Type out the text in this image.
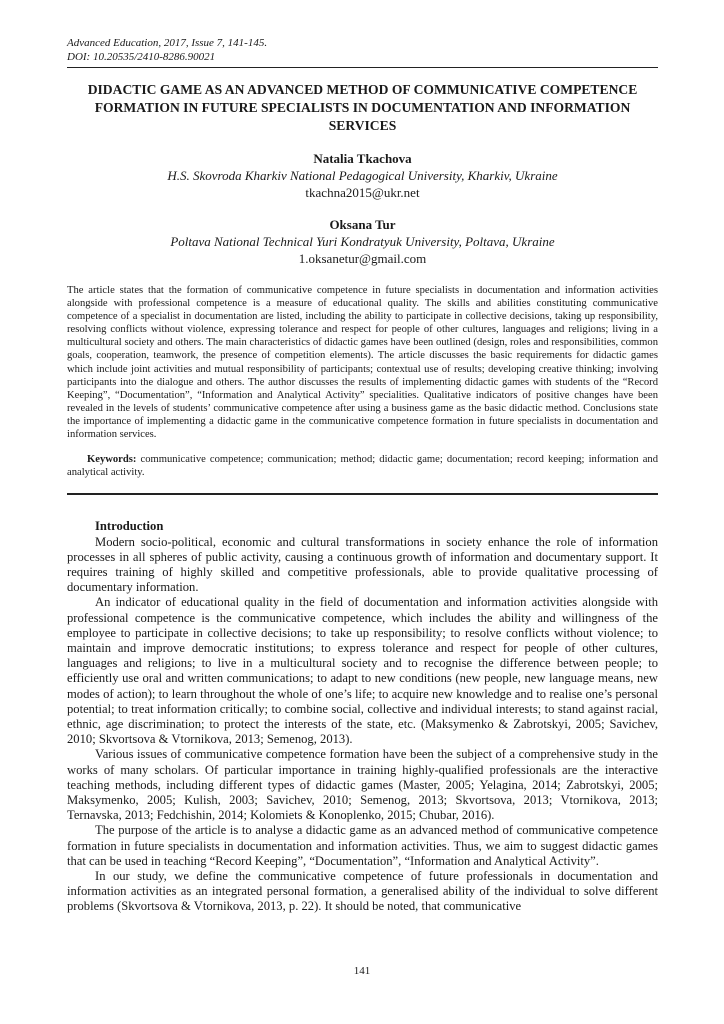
Advanced Education, 2017, Issue 7, 141-145.
DOI: 10.20535/2410-8286.90021
DIDACTIC GAME AS AN ADVANCED METHOD OF COMMUNICATIVE COMPETENCE FORMATION IN FUTURE SPECIALISTS IN DOCUMENTATION AND INFORMATION SERVICES
Natalia Tkachova
H.S. Skovroda Kharkiv National Pedagogical University, Kharkiv, Ukraine
tkachna2015@ukr.net
Oksana Tur
Poltava National Technical Yuri Kondratyuk University, Poltava, Ukraine
1.oksanetur@gmail.com
The article states that the formation of communicative competence in future specialists in documentation and information activities alongside with professional competence is a measure of educational quality. The skills and abilities constituting communicative competence of a specialist in documentation are listed, including the ability to participate in collective decisions, taking up responsibility, resolving conflicts without violence, expressing tolerance and respect for people of other cultures, languages and religions; living in a multicultural society and others. The main characteristics of didactic games have been outlined (design, roles and responsibilities, common goals, cooperation, teamwork, the presence of competition elements). The article discusses the basic requirements for didactic games which include joint activities and mutual responsibility of participants; contextual use of results; developing creative thinking; involving participants into the dialogue and others. The author discusses the results of implementing didactic games with students of the “Record Keeping”, “Documentation”, “Information and Analytical Activity” specialities. Qualitative indicators of positive changes have been revealed in the levels of students’ communicative competence after using a business game as the basic didactic method. Conclusions state the importance of implementing a didactic game in the communicative competence formation in future specialists in documentation and information services.
Keywords: communicative competence; communication; method; didactic game; documentation; record keeping; information and analytical activity.
Introduction

Modern socio-political, economic and cultural transformations in society enhance the role of information processes in all spheres of public activity, causing a continuous growth of information and documentary support. It requires training of highly skilled and competitive professionals, able to provide qualitative processing of documentary information.

An indicator of educational quality in the field of documentation and information activities alongside with professional competence is the communicative competence, which includes the ability and willingness of the employee to participate in collective decisions; to take up responsibility; to resolve conflicts without violence; to maintain and improve democratic institutions; to express tolerance and respect for people of other cultures, languages and religions; to live in a multicultural society and to recognise the difference between people; to efficiently use oral and written communications; to adapt to new conditions (new people, new language means, new modes of action); to learn throughout the whole of one’s life; to acquire new knowledge and to realise one’s personal potential; to treat information critically; to combine social, collective and individual interests; to stand against racial, ethnic, age discrimination; to protect the interests of the state, etc. (Maksymenko & Zabrotskyi, 2005; Savichev, 2010; Skvortsova & Vtornikova, 2013; Semenog, 2013).

Various issues of communicative competence formation have been the subject of a comprehensive study in the works of many scholars. Of particular importance in training highly-qualified professionals are the interactive teaching methods, including different types of didactic games (Master, 2005; Yelagina, 2014; Zabrotskyi, 2005; Maksymenko, 2005; Kulish, 2003; Savichev, 2010; Semenog, 2013; Skvortsova, 2013; Vtornikova, 2013; Ternavska, 2013; Fedchishin, 2014; Kolomiets & Konoplenko, 2015; Chubar, 2016).

The purpose of the article is to analyse a didactic game as an advanced method of communicative competence formation in future specialists in documentation and information activities. Thus, we aim to suggest didactic games that can be used in teaching “Record Keeping”, “Documentation”, “Information and Analytical Activity”.

In our study, we define the communicative competence of future professionals in documentation and information activities as an integrated personal formation, a generalised ability of the individual to solve different problems (Skvortsova & Vtornikova, 2013, p. 22). It should be noted, that communicative

141
